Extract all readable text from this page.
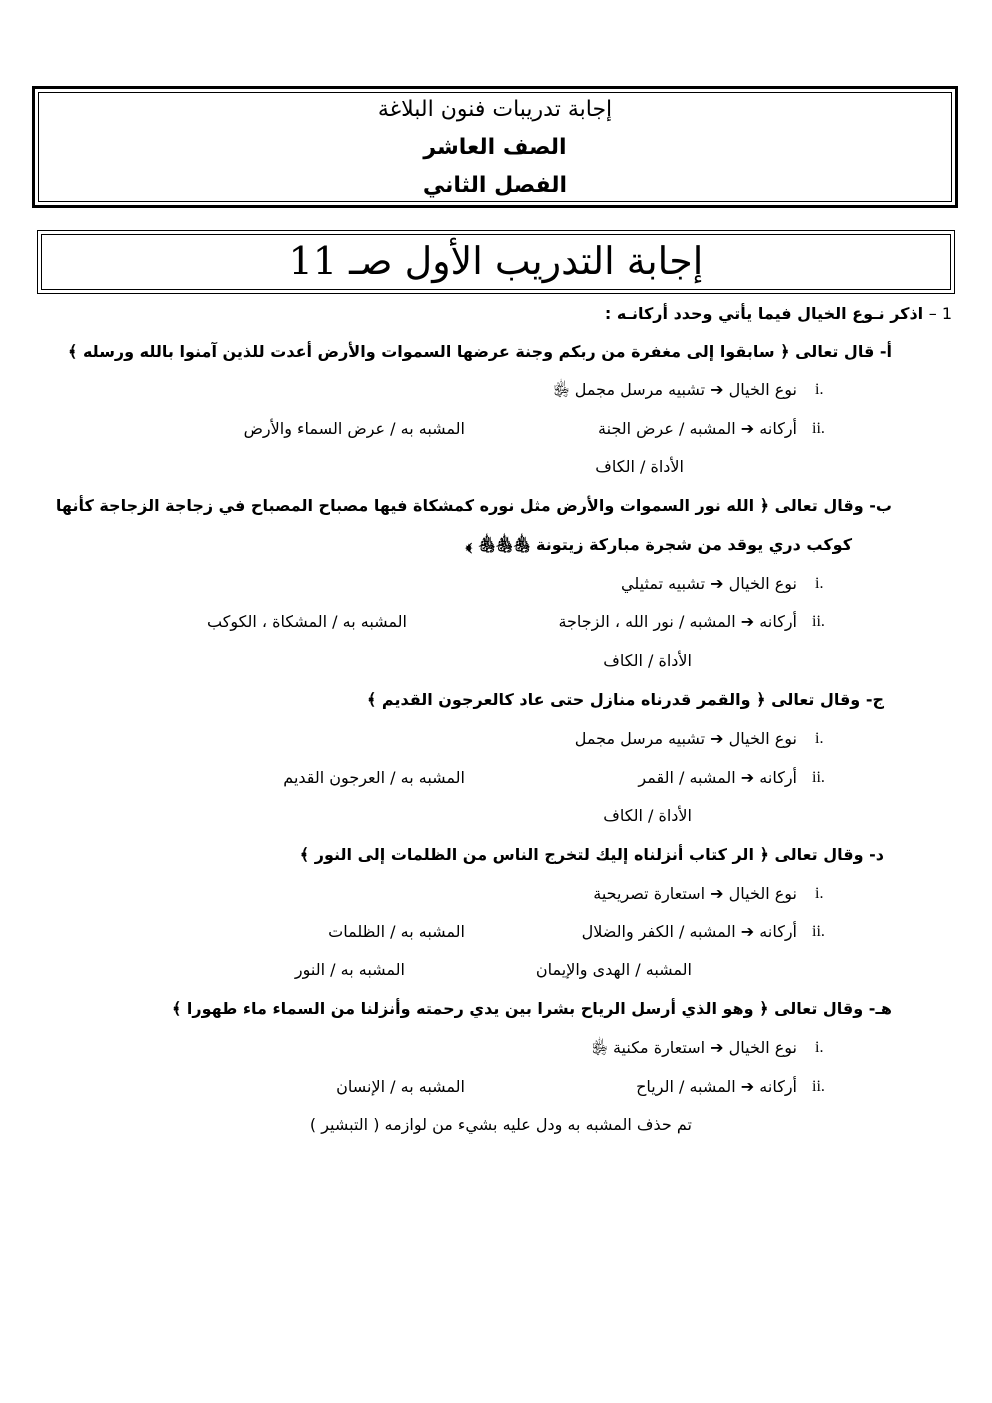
إجابة تدريبات فنون البلاغة
الصف العاشر
الفصل الثاني
إجابة التدريب الأول صـ 11
1 – اذكر نـوع الخيال فيما يأتي وحدد أركانـه :
أ- قال تعالى ﴿ سابقوا إلى مغفرة من ربكم وجنة عرضها السموات والأرض أعدت للذين آمنوا بالله ورسله ﴾
i.
نوع الخيال ➔ تشبيه مرسل مجمل ﵂
ii.
أركانه ➔ المشبه / عرض الجنة
المشبه به / عرض السماء والأرض
الأداة / الكاف
ب- وقال تعالى ﴿ الله نور السموات والأرض مثل نوره كمشكاة فيها مصباح المصباح في زجاجة الزجاجة كأنها
كوكب دري يوقد من شجرة مباركة زيتونة ﵃﵃﵃ ﴾
i.
نوع الخيال ➔ تشبيه تمثيلي
ii.
أركانه ➔ المشبه / نور الله ، الزجاجة
المشبه به / المشكاة ، الكوكب
الأداة / الكاف
ج- وقال تعالى ﴿ والقمر قدرناه منازل حتى عاد كالعرجون القديم ﴾
i.
نوع الخيال ➔ تشبيه مرسل مجمل
ii.
أركانه ➔ المشبه / القمر
المشبه به / العرجون القديم
الأداة / الكاف
د- وقال تعالى ﴿ الر كتاب أنزلناه إليك لتخرج الناس من الظلمات إلى النور ﴾
i.
نوع الخيال ➔ استعارة تصريحية
ii.
أركانه ➔ المشبه / الكفر والضلال
المشبه به / الظلمات
المشبه / الهدى والإيمان
المشبه به / النور
هـ- وقال تعالى ﴿ وهو الذي أرسل الرياح بشرا بين يدي رحمته وأنزلنا من السماء ماء طهورا ﴾
i.
نوع الخيال ➔ استعارة مكنية ﵂
ii.
أركانه ➔ المشبه / الرياح
المشبه به / الإنسان
تم حذف المشبه به ودل عليه بشيء من لوازمه ( التبشير )
